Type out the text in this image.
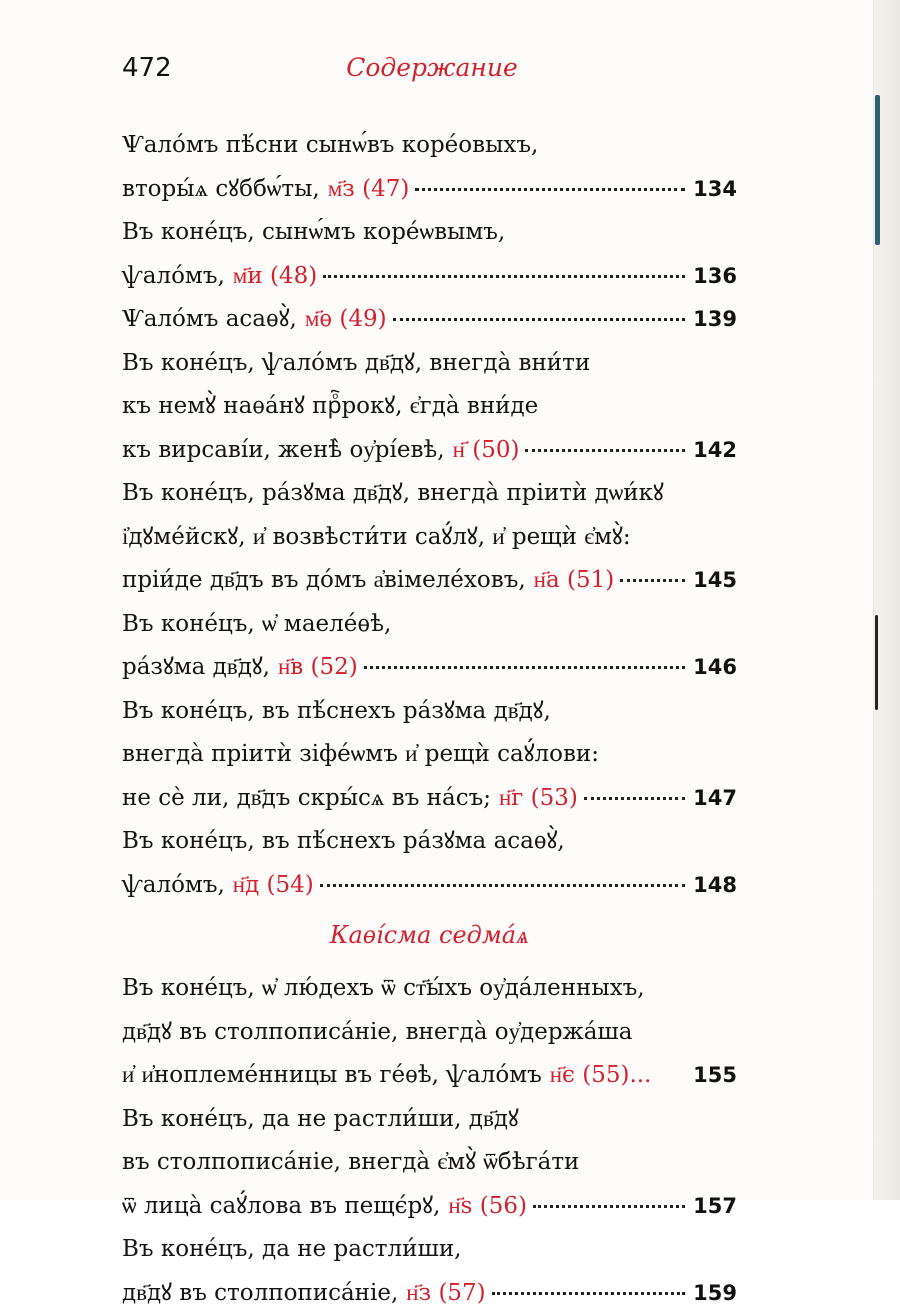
472	Содержание
Ѱало́мъ пѣ́сни сынѡ́въ коре́овыхъ,
вторы́ѧ сꙋббѡ́ты, м҃з (47)	134
Въ коне́цъ, сынѡ́мъ коре́ѡвымъ,
ѱало́мъ, м҃и (48)	136
Ѱало́мъ асаѳꙋ̀, м҃ѳ (49)	139
Въ коне́цъ, ѱало́мъ дв҃дꙋ, внегда̀ вни́ти
къ немꙋ̀ наѳа́нꙋ прⷪ҇рокꙋ, є҆гда̀ вни́де
къ вирсаві́и, женѣ̀ оу҆рі́евѣ, н҃ (50)	142
Въ коне́цъ, ра́зꙋма дв҃дꙋ, внегда̀ пріитѝ дѡи́кꙋ
і҆дꙋме́йскꙋ, и҆ возвѣсти́ти саꙋ́лꙋ, и҆ рещѝ є҆мꙋ̀:
пріи́де дв҃дъ въ до́мъ а҆вімеле́ховъ, н҃а (51)	145
Въ коне́цъ, ѡ҆ маеле́ѳѣ,
ра́зꙋма дв҃дꙋ, н҃в (52)	146
Въ коне́цъ, въ пѣ́снехъ ра́зꙋма дв҃дꙋ,
внегда̀ пріитѝ зіфе́ѡмъ и҆ рещѝ саꙋ́лови:
не сѐ ли, дв҃дъ скры́сѧ въ на́съ; н҃г (53)	147
Въ коне́цъ, въ пѣ́снехъ ра́зꙋма асаѳꙋ̀,
ѱало́мъ, н҃д (54)	148
Каѳі́сма седма́ѧ
Въ коне́цъ, ѡ҆ лю́дехъ ѿ ст҃ы́хъ оу҆да́ленныхъ,
дв҃дꙋ въ столпописа́ніе, внегда̀ оу҆держа́ша
и҆ и҆ноплеме́нницы въ ге́ѳѣ, ѱало́мъ н҃є (55)... 155
Въ коне́цъ, да не растли́ши, дв҃дꙋ
въ столпописа́ніе, внегда̀ є҆мꙋ̀ ѿбѣга́ти
ѿ лица̀ саꙋ́лова въ пещє́рꙋ, н҃ѕ (56)	157
Въ коне́цъ, да не растли́ши,
дв҃дꙋ въ столпописа́ніе, н҃з (57)	159
